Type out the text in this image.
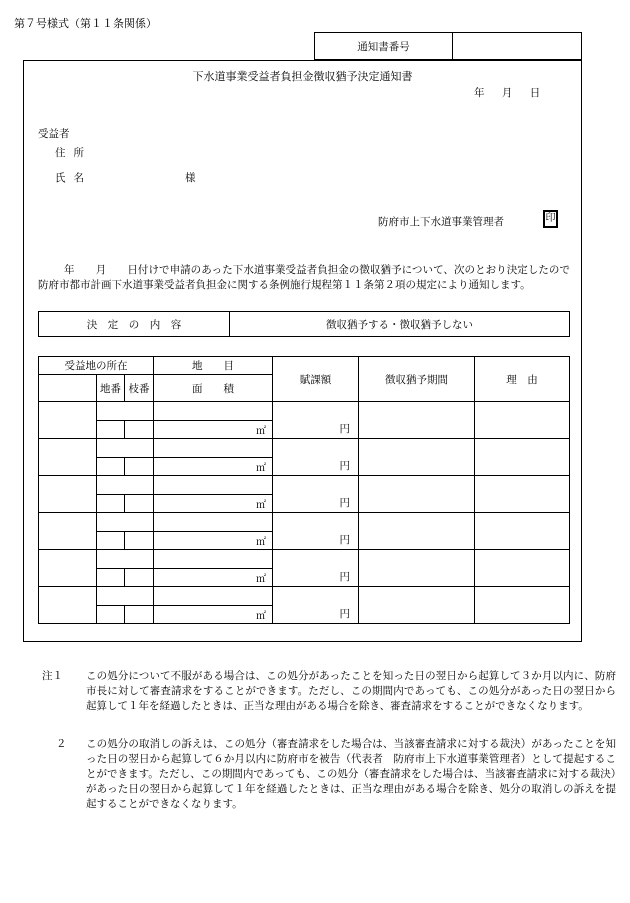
第７号様式（第１１条関係）
通知書番号
下水道事業受益者負担金徴収猶予決定通知書
年 月 日
受益者
住所
氏名	様
防府市上下水道事業管理者	印
年　　月　　日付けで申請のあった下水道事業受益者負担金の徴収猶予について、次のとおり決定したので防府市都市計画下水道事業受益者負担金に関する条例施行規程第１１条第２項の規定により通知します。
決　定　の　内　容	徴収猶予する・徴収猶予しない
受益地の所在			地　　目	賦課額	徴収猶予期間	理　由
	地番	枝番	面　　積			
				円		
			㎡			
				円		
			㎡			
				円		
			㎡			
				円		
			㎡			
				円		
			㎡			
				円		
			㎡			
注１ この処分について不服がある場合は、この処分があったことを知った日の翌日から起算して３か月以内に、防府市長に対して審査請求をすることができます。ただし、この期間内であっても、この処分があった日の翌日から起算して１年を経過したときは、正当な理由がある場合を除き、審査請求をすることができなくなります。
２ この処分の取消しの訴えは、この処分（審査請求をした場合は、当該審査請求に対する裁決）があったことを知った日の翌日から起算して６か月以内に防府市を被告（代表者　防府市上下水道事業管理者）として提起することができます。ただし、この期間内であっても、この処分（審査請求をした場合は、当該審査請求に対する裁決）があった日の翌日から起算して１年を経過したときは、正当な理由がある場合を除き、処分の取消しの訴えを提起することができなくなります。
